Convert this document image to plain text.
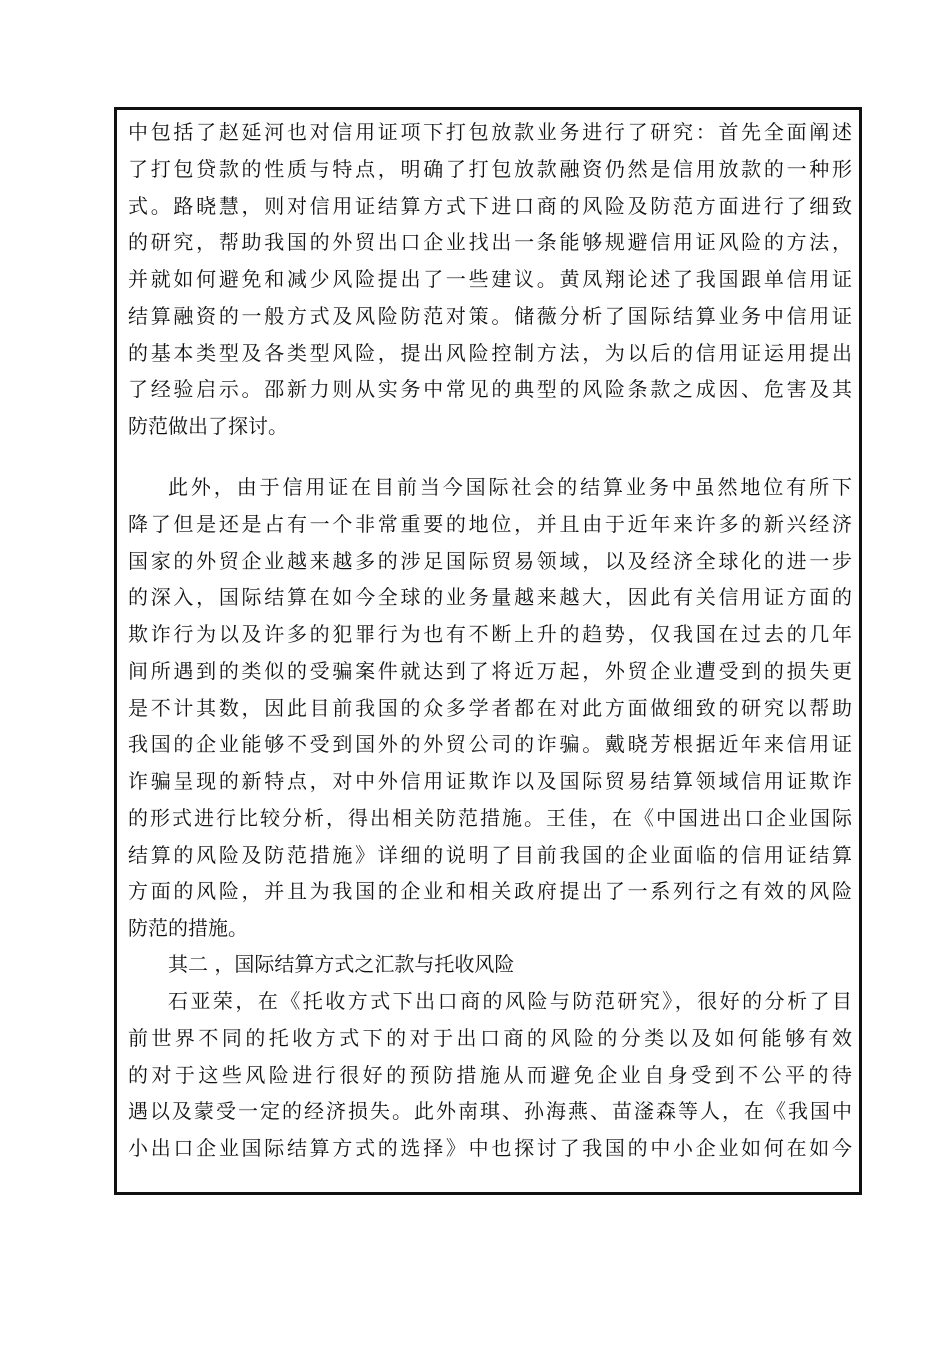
中包括了赵延河也对信用证项下打包放款业务进行了研究：首先全面阐述
了打包贷款的性质与特点，明确了打包放款融资仍然是信用放款的一种形
式。路晓慧，则对信用证结算方式下进口商的风险及防范方面进行了细致
的研究，帮助我国的外贸出口企业找出一条能够规避信用证风险的方法，
并就如何避免和减少风险提出了一些建议。黄凤翔论述了我国跟单信用证
结算融资的一般方式及风险防范对策。储薇分析了国际结算业务中信用证
的基本类型及各类型风险，提出风险控制方法，为以后的信用证运用提出
了经验启示。邵新力则从实务中常见的典型的风险条款之成因、危害及其
防范做出了探讨。
此外，由于信用证在目前当今国际社会的结算业务中虽然地位有所下
降了但是还是占有一个非常重要的地位，并且由于近年来许多的新兴经济
国家的外贸企业越来越多的涉足国际贸易领域，以及经济全球化的进一步
的深入，国际结算在如今全球的业务量越来越大，因此有关信用证方面的
欺诈行为以及许多的犯罪行为也有不断上升的趋势，仅我国在过去的几年
间所遇到的类似的受骗案件就达到了将近万起，外贸企业遭受到的损失更
是不计其数，因此目前我国的众多学者都在对此方面做细致的研究以帮助
我国的企业能够不受到国外的外贸公司的诈骗。戴晓芳根据近年来信用证
诈骗呈现的新特点，对中外信用证欺诈以及国际贸易结算领域信用证欺诈
的形式进行比较分析，得出相关防范措施。王佳，在《中国进出口企业国际
结算的风险及防范措施》详细的说明了目前我国的企业面临的信用证结算
方面的风险，并且为我国的企业和相关政府提出了一系列行之有效的风险
防范的措施。
其二 ，国际结算方式之汇款与托收风险
石亚荣，在《托收方式下出口商的风险与防范研究》，很好的分析了目
前世界不同的托收方式下的对于出口商的风险的分类以及如何能够有效
的对于这些风险进行很好的预防措施从而避免企业自身受到不公平的待
遇以及蒙受一定的经济损失。此外南琪、孙海燕、苗滏森等人，在《我国中
小出口企业国际结算方式的选择》中也探讨了我国的中小企业如何在如今
